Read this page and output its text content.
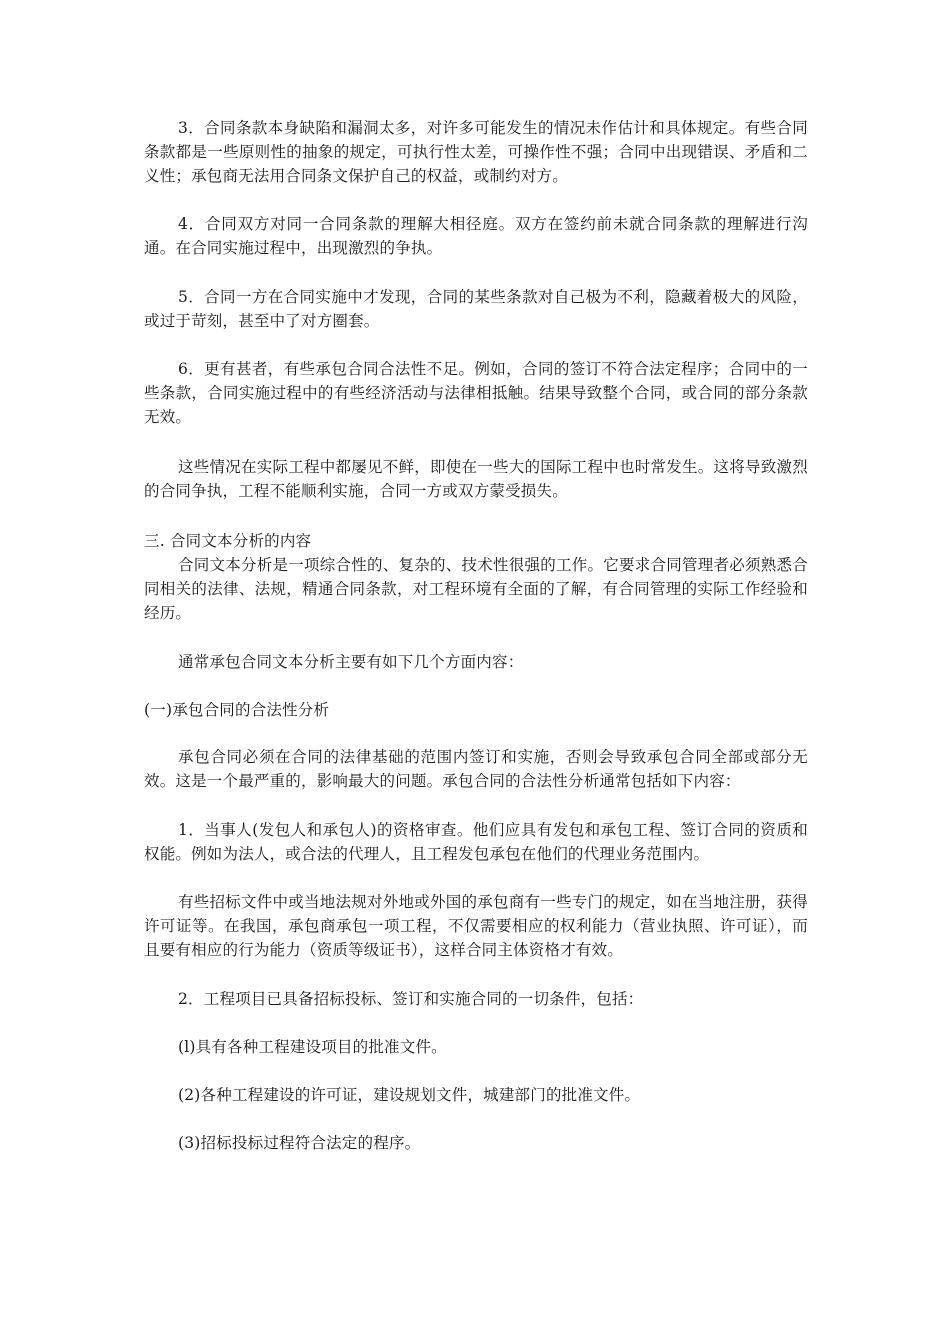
3．合同条款本身缺陷和漏洞太多，对许多可能发生的情况未作估计和具体规定。有些合同条款都是一些原则性的抽象的规定，可执行性太差，可操作性不强；合同中出现错误、矛盾和二义性；承包商无法用合同条文保护自己的权益，或制约对方。

4．合同双方对同一合同条款的理解大相径庭。双方在签约前未就合同条款的理解进行沟通。在合同实施过程中，出现激烈的争执。

5．合同一方在合同实施中才发现，合同的某些条款对自己极为不利，隐藏着极大的风险，或过于苛刻，甚至中了对方圈套。

6．更有甚者，有些承包合同合法性不足。例如，合同的签订不符合法定程序；合同中的一些条款，合同实施过程中的有些经济活动与法律相抵触。结果导致整个合同，或合同的部分条款无效。

这些情况在实际工程中都屡见不鲜，即使在一些大的国际工程中也时常发生。这将导致激烈的合同争执，工程不能顺利实施，合同一方或双方蒙受损失。

三. 合同文本分析的内容

合同文本分析是一项综合性的、复杂的、技术性很强的工作。它要求合同管理者必须熟悉合同相关的法律、法规，精通合同条款，对工程环境有全面的了解，有合同管理的实际工作经验和经历。

通常承包合同文本分析主要有如下几个方面内容：

(一)承包合同的合法性分析

承包合同必须在合同的法律基础的范围内签订和实施，否则会导致承包合同全部或部分无效。这是一个最严重的，影响最大的问题。承包合同的合法性分析通常包括如下内容：

1．当事人(发包人和承包人)的资格审查。他们应具有发包和承包工程、签订合同的资质和权能。例如为法人，或合法的代理人，且工程发包承包在他们的代理业务范围内。

有些招标文件中或当地法规对外地或外国的承包商有一些专门的规定，如在当地注册，获得许可证等。在我国，承包商承包一项工程，不仅需要相应的权利能力（营业执照、许可证），而且要有相应的行为能力（资质等级证书），这样合同主体资格才有效。

2．工程项目已具备招标投标、签订和实施合同的一切条件，包括：

(l)具有各种工程建设项目的批准文件。

(2)各种工程建设的许可证，建设规划文件，城建部门的批准文件。

(3)招标投标过程符合法定的程序。
